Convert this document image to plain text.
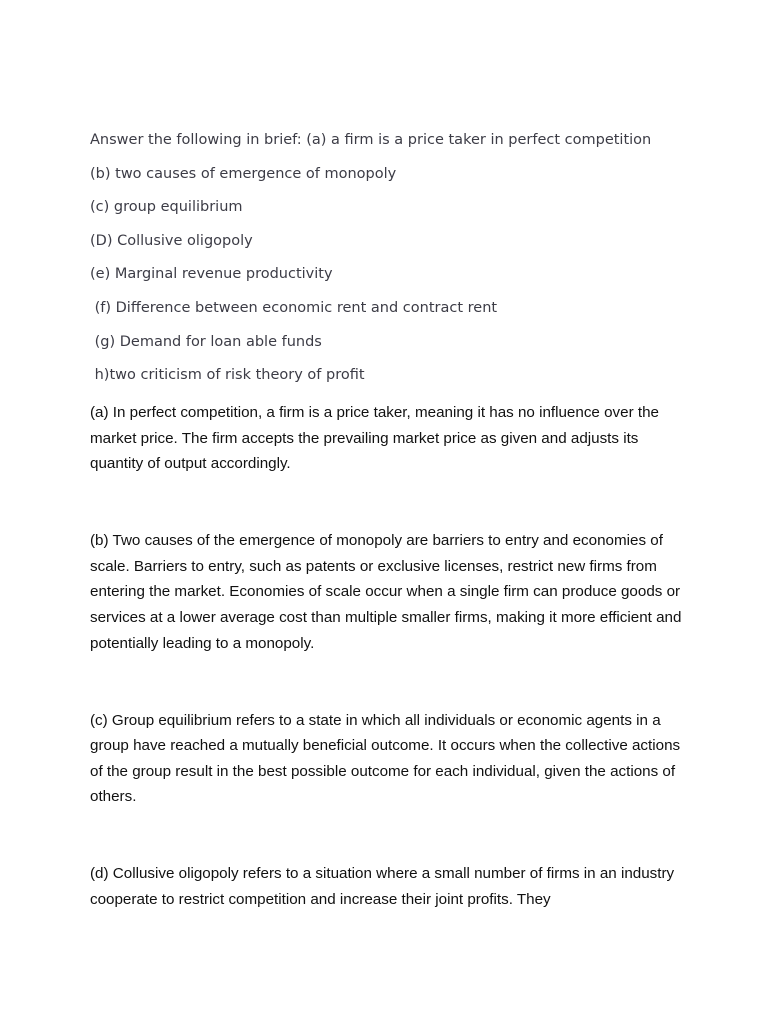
Answer the following in brief: (a) a firm is a price taker in perfect competition
(b) two causes of emergence of monopoly
(c) group equilibrium
(D) Collusive oligopoly
(e) Marginal revenue productivity
(f) Difference between economic rent and contract rent
(g) Demand for loan able funds
h)two criticism of risk theory of profit

(a) In perfect competition, a firm is a price taker, meaning it has no influence over the market price. The firm accepts the prevailing market price as given and adjusts its quantity of output accordingly.

(b) Two causes of the emergence of monopoly are barriers to entry and economies of scale. Barriers to entry, such as patents or exclusive licenses, restrict new firms from entering the market. Economies of scale occur when a single firm can produce goods or services at a lower average cost than multiple smaller firms, making it more efficient and potentially leading to a monopoly.

(c) Group equilibrium refers to a state in which all individuals or economic agents in a group have reached a mutually beneficial outcome. It occurs when the collective actions of the group result in the best possible outcome for each individual, given the actions of others.

(d) Collusive oligopoly refers to a situation where a small number of firms in an industry cooperate to restrict competition and increase their joint profits. They
